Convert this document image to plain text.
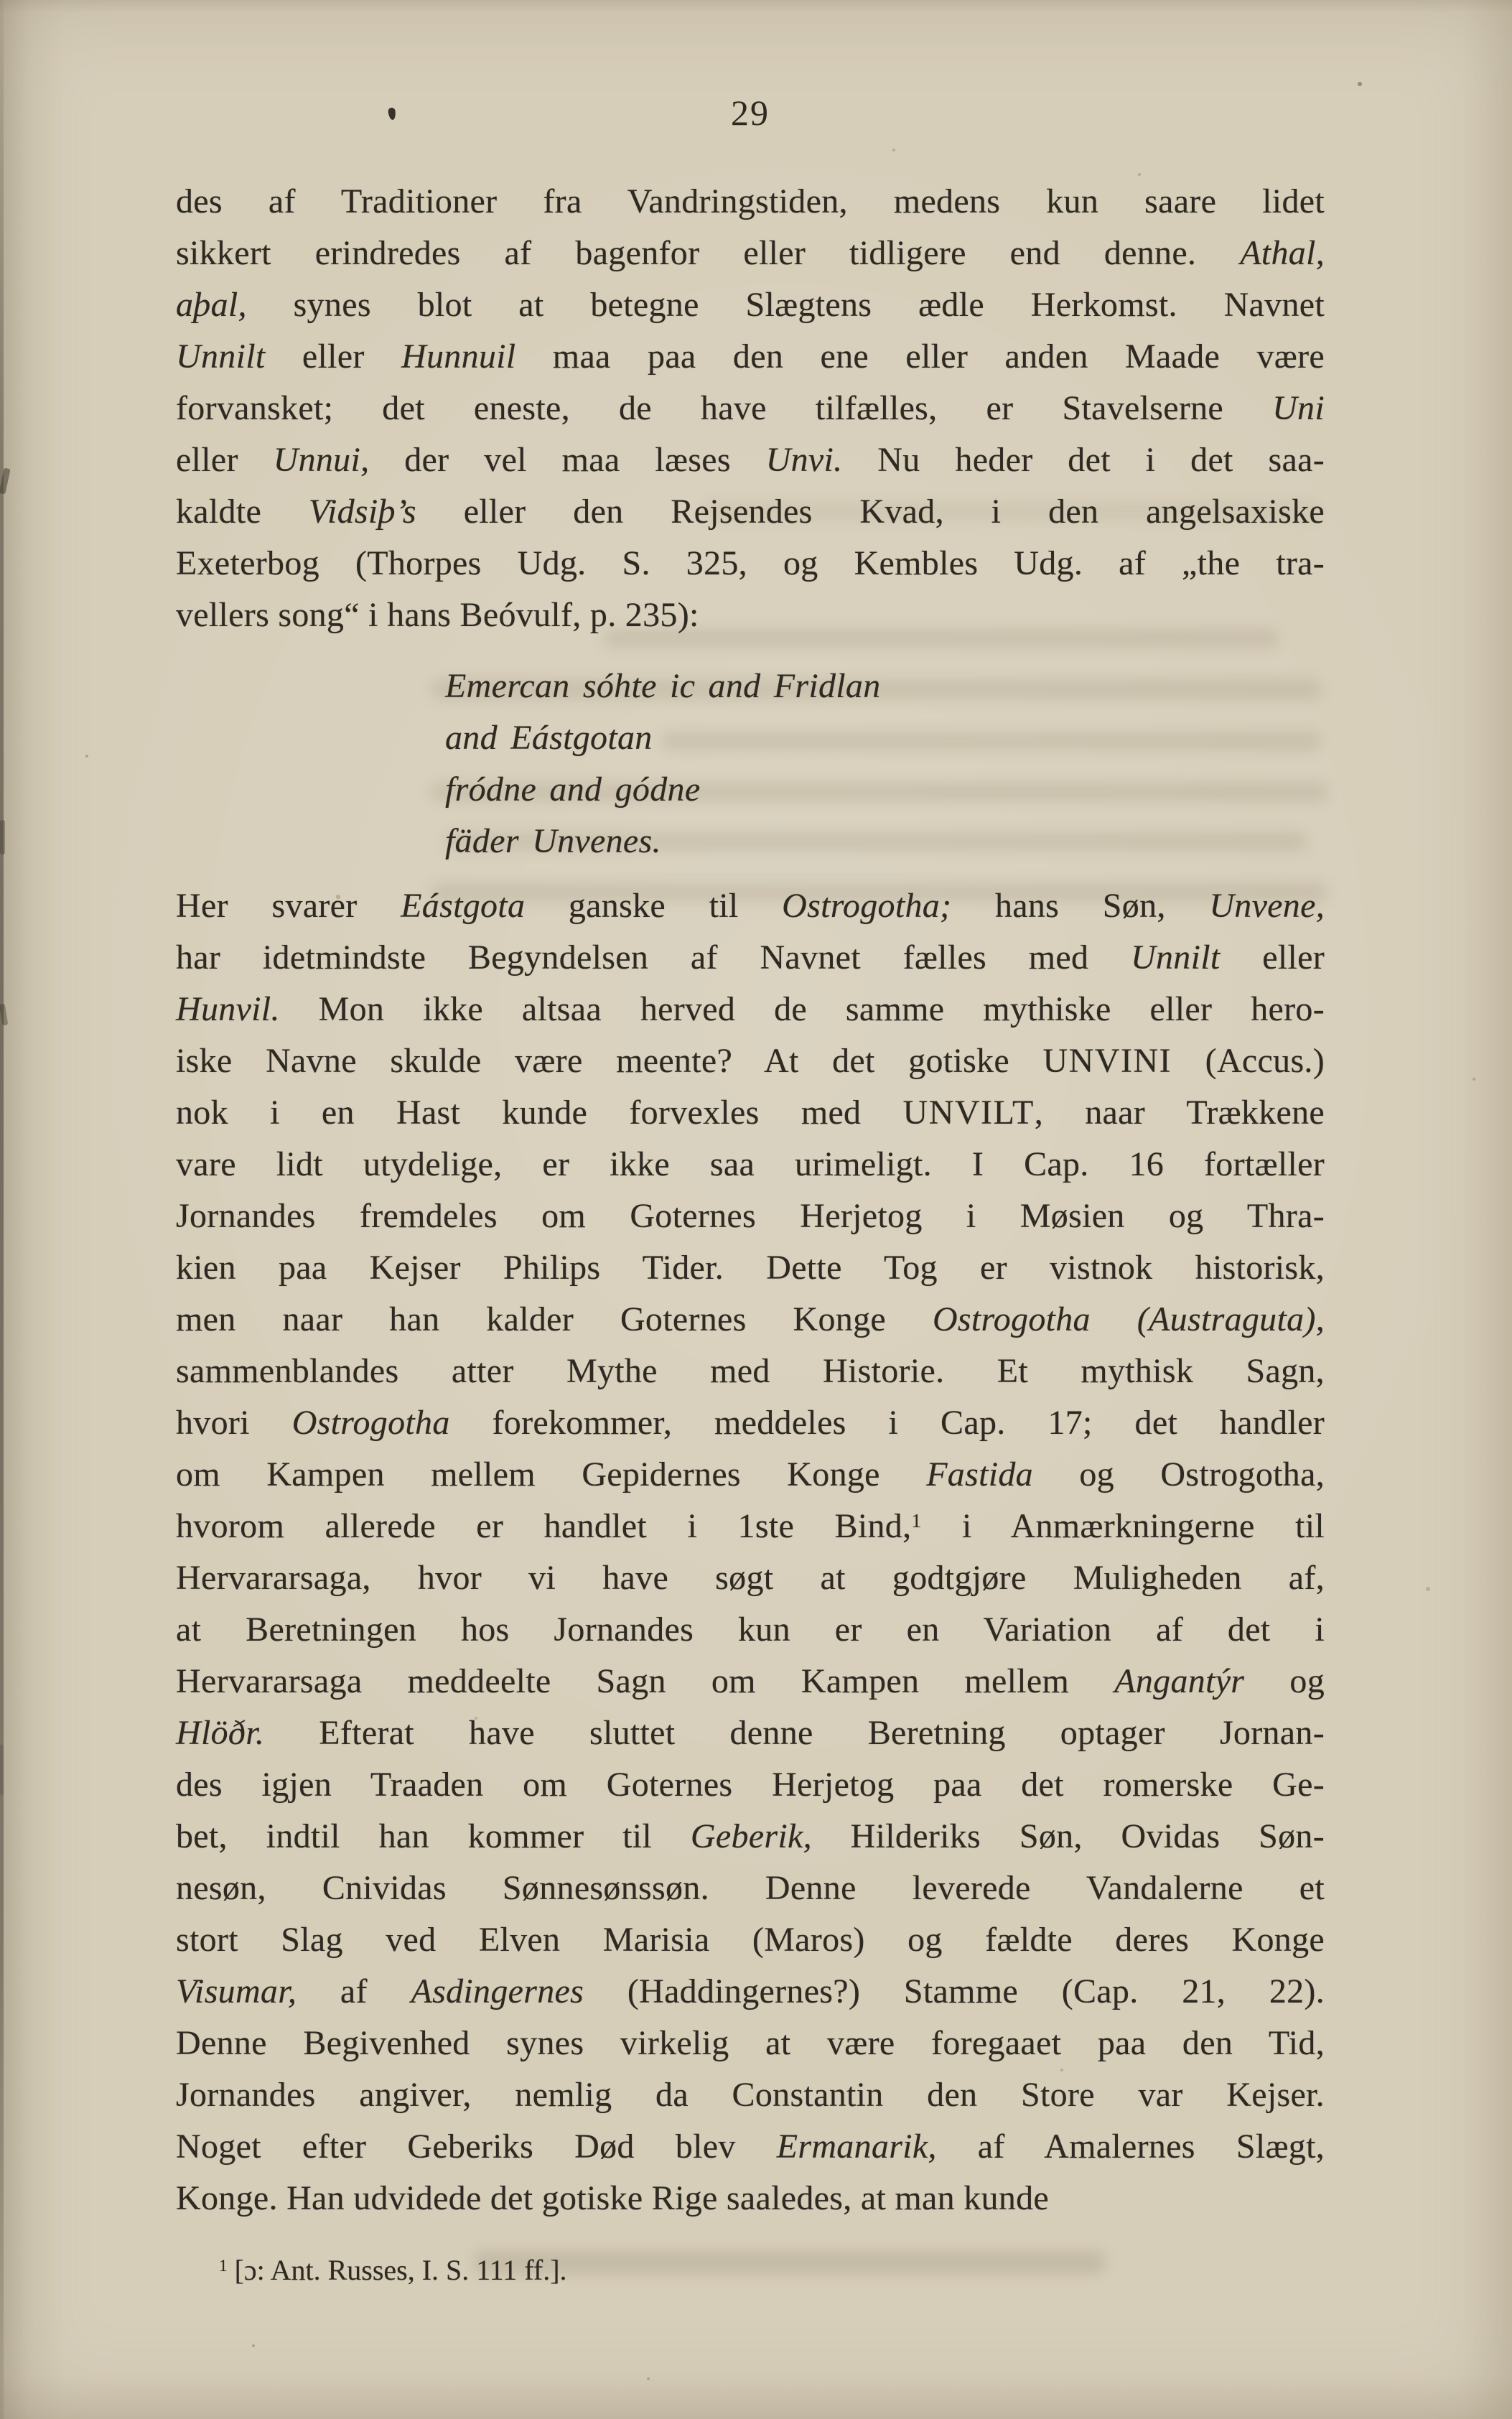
29
des af Traditioner fra Vandringstiden, medens kun saare lidet
sikkert erindredes af bagenfor eller tidligere end denne. Athal,
aþal, synes blot at betegne Slægtens ædle Herkomst. Navnet
Unnilt eller Hunnuil maa paa den ene eller anden Maade være
forvansket; det eneste, de have tilfælles, er Stavelserne Uni
eller Unnui, der vel maa læses Unvi. Nu heder det i det saa-
kaldte Vidsiþ’s eller den Rejsendes Kvad, i den angelsaxiske
Exeterbog (Thorpes Udg. S. 325, og Kembles Udg. af „the tra-
vellers song“ i hans Beóvulf, p. 235):
Emercan sóhte ic and Fridlan
and Eástgotan
fródne and gódne
fäder Unvenes.
Her svarer Eástgota ganske til Ostrogotha; hans Søn, Unvene,
har idetmindste Begyndelsen af Navnet fælles med Unnilt eller
Hunvil. Mon ikke altsaa herved de samme mythiske eller hero-
iske Navne skulde være meente? At det gotiske UNVINI (Accus.)
nok i en Hast kunde forvexles med UNVILT, naar Trækkene
vare lidt utydelige, er ikke saa urimeligt. I Cap. 16 fortæller
Jornandes fremdeles om Goternes Herjetog i Møsien og Thra-
kien paa Kejser Philips Tider. Dette Tog er vistnok historisk,
men naar han kalder Goternes Konge Ostrogotha (Austraguta),
sammenblandes atter Mythe med Historie. Et mythisk Sagn,
hvori Ostrogotha forekommer, meddeles i Cap. 17; det handler
om Kampen mellem Gepidernes Konge Fastida og Ostrogotha,
hvorom allerede er handlet i 1ste Bind,$^1$ i Anmærkningerne til
Hervararsaga, hvor vi have søgt at godtgjøre Muligheden af,
at Beretningen hos Jornandes kun er en Variation af det i
Hervararsaga meddeelte Sagn om Kampen mellem Angantýr og
Hlöðr. Efterat have sluttet denne Beretning optager Jornan-
des igjen Traaden om Goternes Herjetog paa det romerske Ge-
bet, indtil han kommer til Geberik, Hilderiks Søn, Ovidas Søn-
nesøn, Cnividas Sønnesønssøn. Denne leverede Vandalerne et
stort Slag ved Elven Marisia (Maros) og fældte deres Konge
Visumar, af Asdingernes (Haddingernes?) Stamme (Cap. 21, 22).
Denne Begivenhed synes virkelig at være foregaaet paa den Tid,
Jornandes angiver, nemlig da Constantin den Store var Kejser.
Noget efter Geberiks Død blev Ermanarik, af Amalernes Slægt,
Konge. Han udvidede det gotiske Rige saaledes, at man kunde
$^1$ [ɔ: Ant. Russes, I. S. 111 ff.].
